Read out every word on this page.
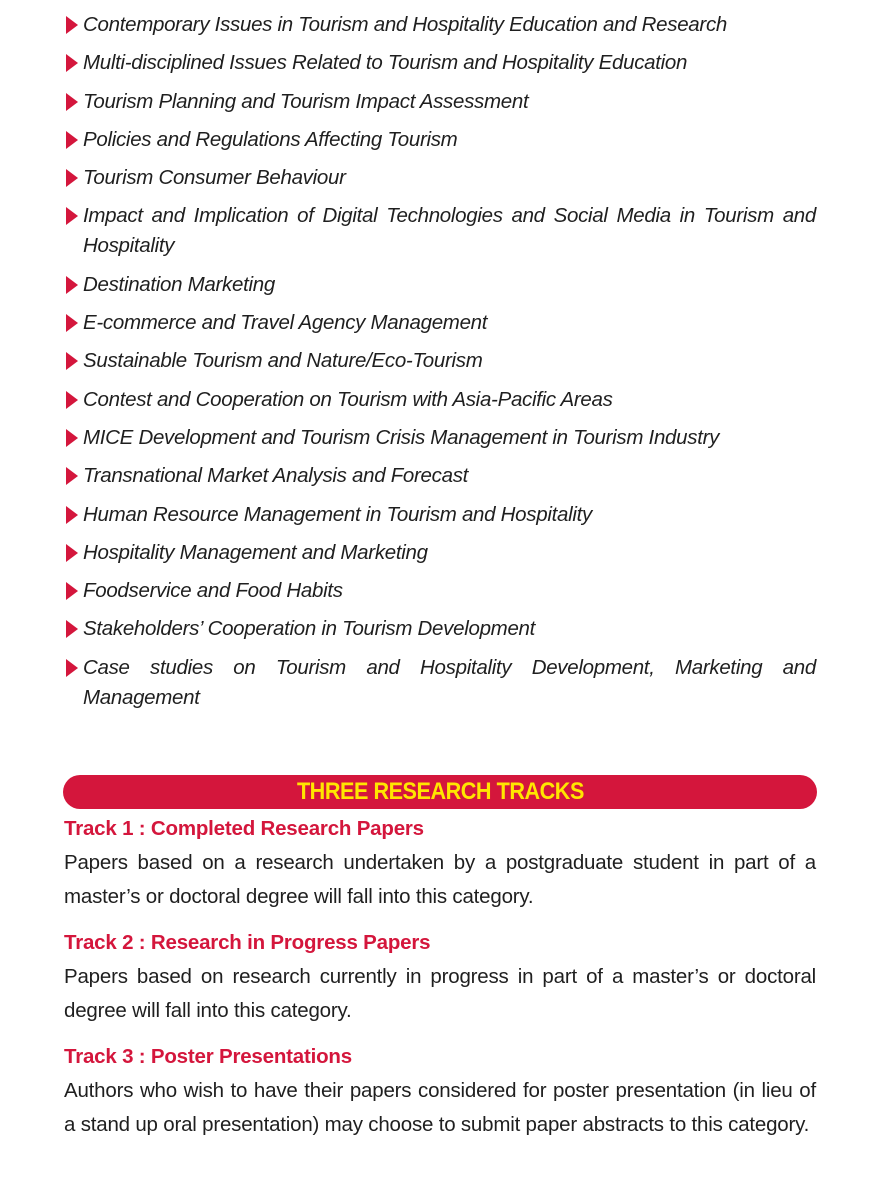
Contemporary Issues in Tourism and Hospitality Education and Research
Multi-disciplined Issues Related to Tourism and Hospitality Education
Tourism Planning and Tourism Impact Assessment
Policies and Regulations Affecting Tourism
Tourism Consumer Behaviour
Impact and Implication of Digital Technologies and Social Media in Tourism and Hospitality
Destination Marketing
E-commerce and Travel Agency Management
Sustainable Tourism and Nature/Eco-Tourism
Contest and Cooperation on Tourism with Asia-Pacific Areas
MICE Development and Tourism Crisis Management in Tourism Industry
Transnational Market Analysis and Forecast
Human Resource Management in Tourism and Hospitality
Hospitality Management and Marketing
Foodservice and Food Habits
Stakeholders’ Cooperation in Tourism Development
Case studies on Tourism and Hospitality Development, Marketing and Management
THREE RESEARCH TRACKS
Track 1 : Completed Research Papers
Papers based on a research undertaken by a postgraduate student in part of a master’s or doctoral degree will fall into this category.
Track 2 : Research in Progress Papers
Papers based on research currently in progress in part of a master’s or doctoral degree will fall into this category.
Track 3 : Poster Presentations
Authors who wish to have their papers considered for poster presentation (in lieu of a stand up oral presentation) may choose to submit paper abstracts to this category.
